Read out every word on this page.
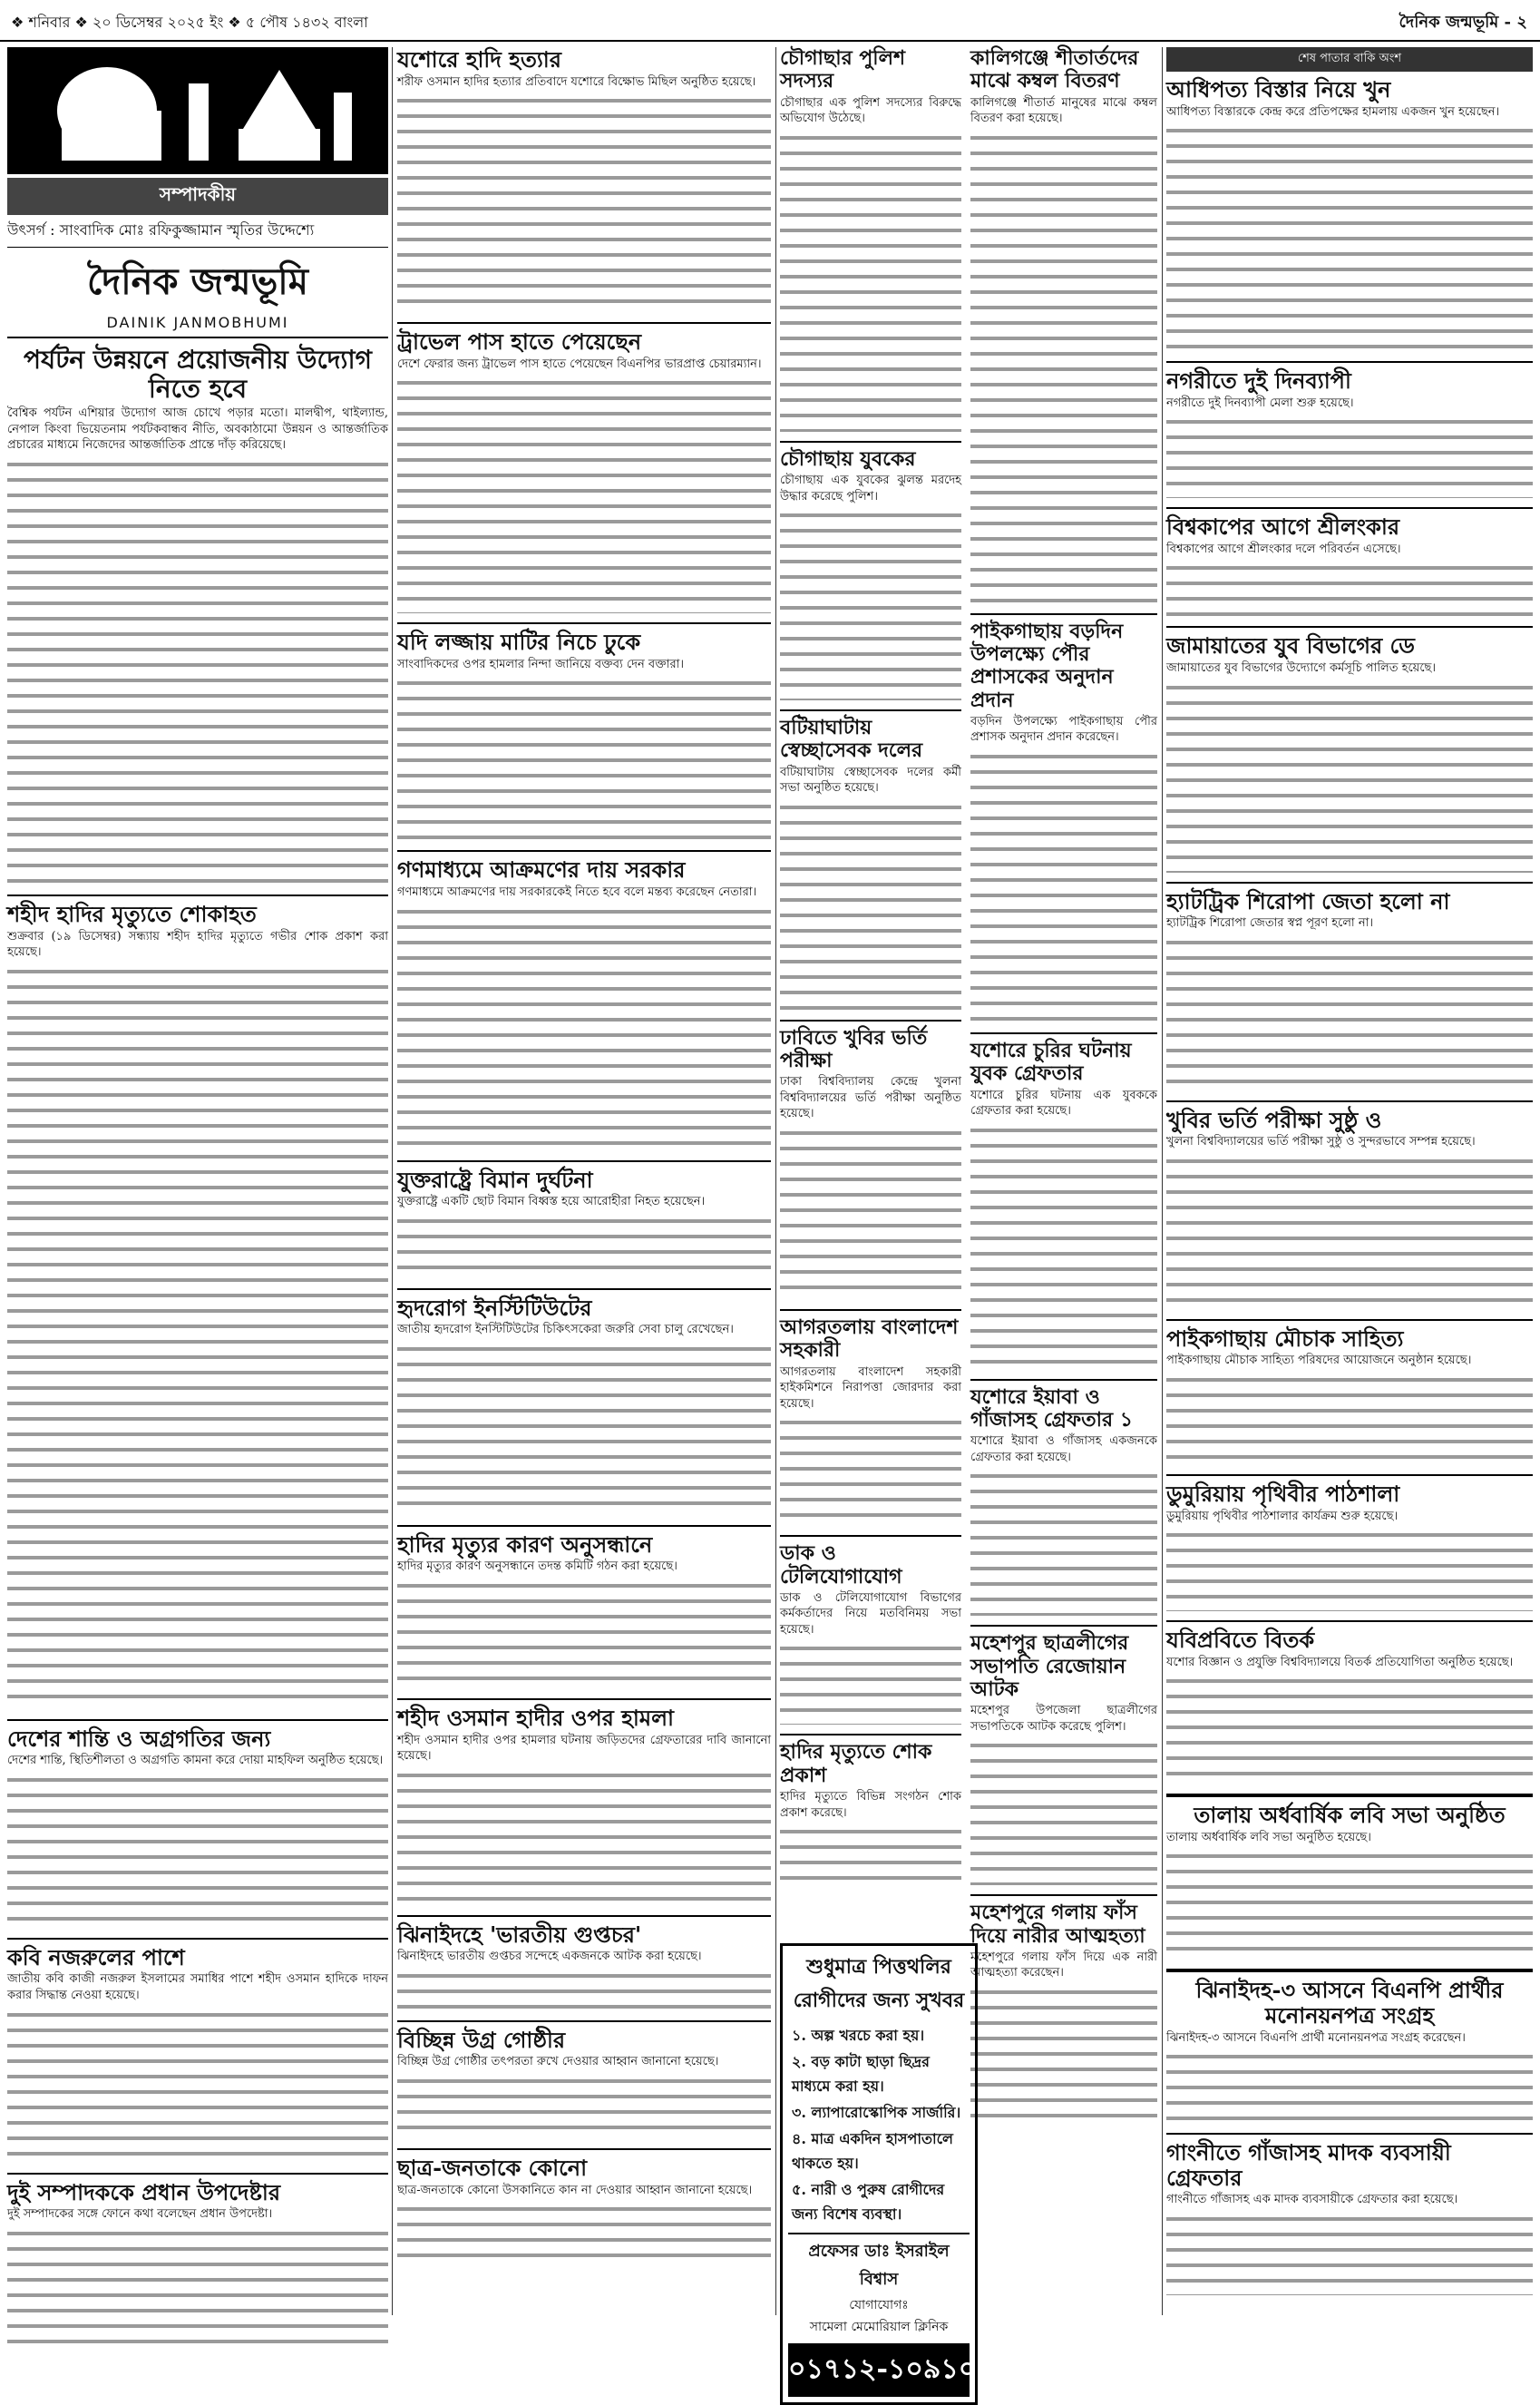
❖ শনিবার ❖ ২০ ডিসেম্বর ২০২৫ ইং ❖ ৫ পৌষ ১৪৩২ বাংলা	দৈনিক জন্মভূমি - ২
সম্পাদকীয়
উৎসর্গ : সাংবাদিক মোঃ রফিকুজ্জামান স্মৃতির উদ্দেশ্যে
দৈনিক জন্মভূমি
DAINIK JANMOBHUMI
পর্যটন উন্নয়নে প্রয়োজনীয় উদ্যোগ নিতে হবে
বৈশ্বিক পর্যটন এশিয়ার উদ্যোগ আজ চোখে পড়ার মতো। মালদ্বীপ, থাইল্যান্ড, নেপাল কিংবা ভিয়েতনাম পর্যটকবান্ধব নীতি, অবকাঠামো উন্নয়ন ও আন্তর্জাতিক প্রচারের মাধ্যমে নিজেদের আন্তর্জাতিক প্রান্তে দাঁড় করিয়েছে।
শহীদ হাদির মৃত্যুতে শোকাহত
শুক্রবার (১৯ ডিসেম্বর) সন্ধ্যায় শহীদ হাদির মৃত্যুতে গভীর শোক প্রকাশ করা হয়েছে।
দেশের শান্তি ও অগ্রগতির জন্য
দেশের শান্তি, স্থিতিশীলতা ও অগ্রগতি কামনা করে দোয়া মাহফিল অনুষ্ঠিত হয়েছে।
কবি নজরুলের পাশে
জাতীয় কবি কাজী নজরুল ইসলামের সমাধির পাশে শহীদ ওসমান হাদিকে দাফন করার সিদ্ধান্ত নেওয়া হয়েছে।
দুই সম্পাদককে প্রধান উপদেষ্টার
দুই সম্পাদকের সঙ্গে ফোনে কথা বলেছেন প্রধান উপদেষ্টা।
যশোরে হাদি হত্যার
শরীফ ওসমান হাদির হত্যার প্রতিবাদে যশোরে বিক্ষোভ মিছিল অনুষ্ঠিত হয়েছে।
ট্রাভেল পাস হাতে পেয়েছেন
দেশে ফেরার জন্য ট্রাভেল পাস হাতে পেয়েছেন বিএনপির ভারপ্রাপ্ত চেয়ারম্যান।
যদি লজ্জায় মাটির নিচে ঢুকে
সাংবাদিকদের ওপর হামলার নিন্দা জানিয়ে বক্তব্য দেন বক্তারা।
গণমাধ্যমে আক্রমণের দায় সরকার
গণমাধ্যমে আক্রমণের দায় সরকারকেই নিতে হবে বলে মন্তব্য করেছেন নেতারা।
যুক্তরাষ্ট্রে বিমান দুর্ঘটনা
যুক্তরাষ্ট্রে একটি ছোট বিমান বিধ্বস্ত হয়ে আরোহীরা নিহত হয়েছেন।
হৃদরোগ ইনস্টিটিউটের
জাতীয় হৃদরোগ ইনস্টিটিউটের চিকিৎসকেরা জরুরি সেবা চালু রেখেছেন।
হাদির মৃত্যুর কারণ অনুসন্ধানে
হাদির মৃত্যুর কারণ অনুসন্ধানে তদন্ত কমিটি গঠন করা হয়েছে।
শহীদ ওসমান হাদীর ওপর হামলা
শহীদ ওসমান হাদীর ওপর হামলার ঘটনায় জড়িতদের গ্রেফতারের দাবি জানানো হয়েছে।
ঝিনাইদহে 'ভারতীয় গুপ্তচর'
ঝিনাইদহে ভারতীয় গুপ্তচর সন্দেহে একজনকে আটক করা হয়েছে।
বিচ্ছিন্ন উগ্র গোষ্ঠীর
বিচ্ছিন্ন উগ্র গোষ্ঠীর তৎপরতা রুখে দেওয়ার আহ্বান জানানো হয়েছে।
ছাত্র-জনতাকে কোনো
ছাত্র-জনতাকে কোনো উসকানিতে কান না দেওয়ার আহ্বান জানানো হয়েছে।
চৌগাছার পুলিশ সদস্যর
চৌগাছার এক পুলিশ সদস্যের বিরুদ্ধে অভিযোগ উঠেছে।
চৌগাছায় যুবকের
চৌগাছায় এক যুবকের ঝুলন্ত মরদেহ উদ্ধার করেছে পুলিশ।
বটিয়াঘাটায় স্বেচ্ছাসেবক দলের
বটিয়াঘাটায় স্বেচ্ছাসেবক দলের কর্মী সভা অনুষ্ঠিত হয়েছে।
ঢাবিতে খুবির ভর্তি পরীক্ষা
ঢাকা বিশ্ববিদ্যালয় কেন্দ্রে খুলনা বিশ্ববিদ্যালয়ের ভর্তি পরীক্ষা অনুষ্ঠিত হয়েছে।
আগরতলায় বাংলাদেশ সহকারী
আগরতলায় বাংলাদেশ সহকারী হাইকমিশনে নিরাপত্তা জোরদার করা হয়েছে।
ডাক ও টেলিযোগাযোগ
ডাক ও টেলিযোগাযোগ বিভাগের কর্মকর্তাদের নিয়ে মতবিনিময় সভা হয়েছে।
হাদির মৃত্যুতে শোক প্রকাশ
হাদির মৃত্যুতে বিভিন্ন সংগঠন শোক প্রকাশ করেছে।
কালিগঞ্জে শীতার্তদের মাঝে কম্বল বিতরণ
কালিগঞ্জে শীতার্ত মানুষের মাঝে কম্বল বিতরণ করা হয়েছে।
পাইকগাছায় বড়দিন উপলক্ষ্যে পৌর প্রশাসকের অনুদান প্রদান
বড়দিন উপলক্ষ্যে পাইকগাছায় পৌর প্রশাসক অনুদান প্রদান করেছেন।
যশোরে চুরির ঘটনায় যুবক গ্রেফতার
যশোরে চুরির ঘটনায় এক যুবককে গ্রেফতার করা হয়েছে।
যশোরে ইয়াবা ও গাঁজাসহ গ্রেফতার ১
যশোরে ইয়াবা ও গাঁজাসহ একজনকে গ্রেফতার করা হয়েছে।
মহেশপুর ছাত্রলীগের সভাপতি রেজোয়ান আটক
মহেশপুর উপজেলা ছাত্রলীগের সভাপতিকে আটক করেছে পুলিশ।
মহেশপুরে গলায় ফাঁস দিয়ে নারীর আত্মহত্যা
মহেশপুরে গলায় ফাঁস দিয়ে এক নারী আত্মহত্যা করেছেন।
শুধুমাত্র পিত্তথলির রোগীদের জন্য সুখবর
১. অল্প খরচে করা হয়।
২. বড় কাটা ছাড়া ছিদ্রর মাধ্যমে করা হয়।
৩. ল্যাপারোস্কোপিক সার্জারি।
৪. মাত্র একদিন হাসপাতালে থাকতে হয়।
৫. নারী ও পুরুষ রোগীদের জন্য বিশেষ ব্যবস্থা।
প্রফেসর ডাঃ ইসরাইল বিশ্বাস
যোগাযোগঃ
সামেলা মেমোরিয়াল ক্লিনিক
০১৭১২-১০৯১০০
শেষ পাতার বাকি অংশ
আধিপত্য বিস্তার নিয়ে খুন
আধিপত্য বিস্তারকে কেন্দ্র করে প্রতিপক্ষের হামলায় একজন খুন হয়েছেন।
নগরীতে দুই দিনব্যাপী
নগরীতে দুই দিনব্যাপী মেলা শুরু হয়েছে।
বিশ্বকাপের আগে শ্রীলংকার
বিশ্বকাপের আগে শ্রীলংকার দলে পরিবর্তন এসেছে।
জামায়াতের যুব বিভাগের ডে
জামায়াতের যুব বিভাগের উদ্যোগে কর্মসূচি পালিত হয়েছে।
হ্যাটট্রিক শিরোপা জেতা হলো না
হ্যাটট্রিক শিরোপা জেতার স্বপ্ন পূরণ হলো না।
খুবির ভর্তি পরীক্ষা সুষ্ঠু ও
খুলনা বিশ্ববিদ্যালয়ের ভর্তি পরীক্ষা সুষ্ঠু ও সুন্দরভাবে সম্পন্ন হয়েছে।
পাইকগাছায় মৌচাক সাহিত্য
পাইকগাছায় মৌচাক সাহিত্য পরিষদের আয়োজনে অনুষ্ঠান হয়েছে।
ডুমুরিয়ায় পৃথিবীর পাঠশালা
ডুমুরিয়ায় পৃথিবীর পাঠশালার কার্যক্রম শুরু হয়েছে।
যবিপ্রবিতে বিতর্ক
যশোর বিজ্ঞান ও প্রযুক্তি বিশ্ববিদ্যালয়ে বিতর্ক প্রতিযোগিতা অনুষ্ঠিত হয়েছে।
তালায় অর্ধবার্ষিক লবি সভা অনুষ্ঠিত
তালায় অর্ধবার্ষিক লবি সভা অনুষ্ঠিত হয়েছে।
ঝিনাইদহ-৩ আসনে বিএনপি প্রার্থীর মনোনয়নপত্র সংগ্রহ
ঝিনাইদহ-৩ আসনে বিএনপি প্রার্থী মনোনয়নপত্র সংগ্রহ করেছেন।
গাংনীতে গাঁজাসহ মাদক ব্যবসায়ী গ্রেফতার
গাংনীতে গাঁজাসহ এক মাদক ব্যবসায়ীকে গ্রেফতার করা হয়েছে।
